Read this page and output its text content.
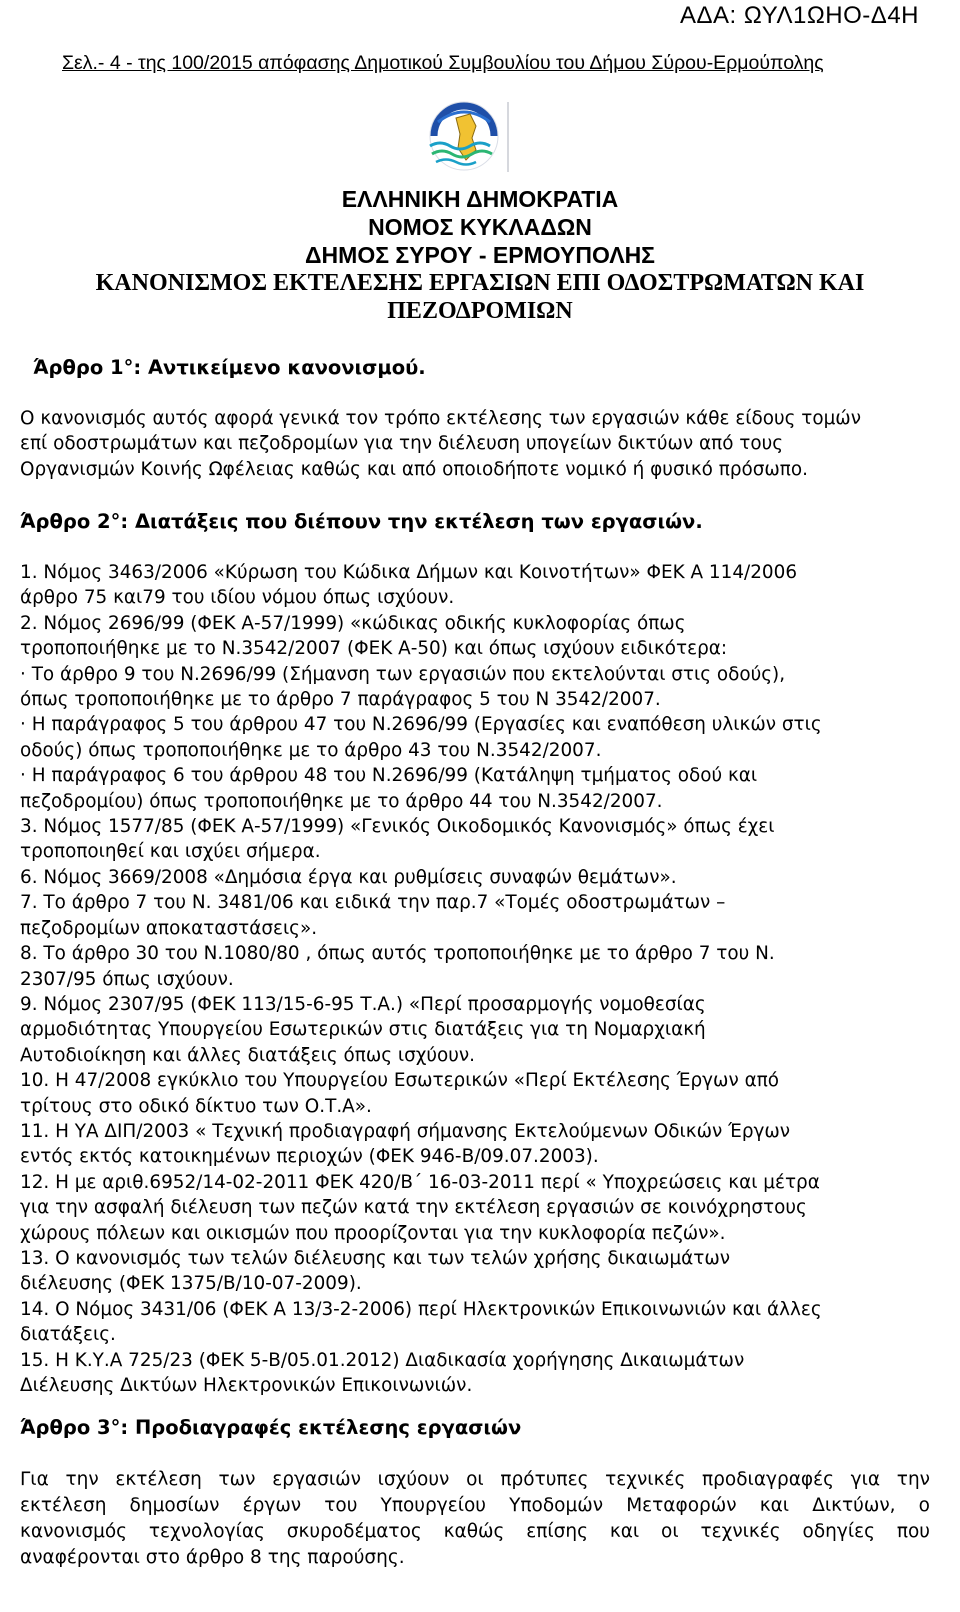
ΑΔΑ: ΩΥΛ1ΩΗΟ-Δ4Η
Σελ.- 4 - της 100/2015 απόφασης Δημοτικού Συμβουλίου του Δήμου Σύρου-Ερμούπολης
ΕΛΛΗΝΙΚΗ ΔΗΜΟΚΡΑΤΙΑ
ΝΟΜΟΣ ΚΥΚΛΑΔΩΝ
ΔΗΜΟΣ ΣΥΡΟΥ - ΕΡΜΟΥΠΟΛΗΣ
ΚΑΝΟΝΙΣΜΟΣ ΕΚΤΕΛΕΣΗΣ ΕΡΓΑΣΙΩΝ ΕΠΙ ΟΔΟΣΤΡΩΜΑΤΩΝ ΚΑΙ
ΠΕΖΟΔΡΟΜΙΩΝ
Άρθρο 1°: Αντικείμενο κανονισμού.
Ο κανονισμός αυτός αφορά γενικά τον τρόπο εκτέλεσης των εργασιών κάθε είδους τομών
επί οδοστρωμάτων και πεζοδρομίων για την διέλευση υπογείων δικτύων από τους
Οργανισμών Κοινής Ωφέλειας καθώς και από οποιοδήποτε νομικό ή φυσικό πρόσωπο.
Άρθρο 2°: Διατάξεις που διέπουν την εκτέλεση των εργασιών.
1. Νόμος 3463/2006 «Κύρωση του Κώδικα Δήμων και Κοινοτήτων» ΦΕΚ Α 114/2006
άρθρο 75 και79 του ιδίου νόμου όπως ισχύουν.
2. Νόμος 2696/99 (ΦΕΚ Α-57/1999) «κώδικας οδικής κυκλοφορίας όπως
τροποποιήθηκε με το Ν.3542/2007 (ΦΕΚ Α-50) και όπως ισχύουν ειδικότερα:
· Το άρθρο 9 του Ν.2696/99 (Σήμανση των εργασιών που εκτελούνται στις οδούς),
όπως τροποποιήθηκε με το άρθρο 7 παράγραφος 5 του Ν 3542/2007.
· Η παράγραφος 5 του άρθρου 47 του Ν.2696/99 (Εργασίες και εναπόθεση υλικών στις
οδούς) όπως τροποποιήθηκε με το άρθρο 43 του Ν.3542/2007.
· Η παράγραφος 6 του άρθρου 48 του Ν.2696/99 (Κατάληψη τμήματος οδού και
πεζοδρομίου) όπως τροποποιήθηκε με το άρθρο 44 του Ν.3542/2007.
3. Νόμος 1577/85 (ΦΕΚ Α-57/1999) «Γενικός Οικοδομικός Κανονισμός» όπως έχει
τροποποιηθεί και ισχύει σήμερα.
6. Νόμος 3669/2008 «Δημόσια έργα και ρυθμίσεις συναφών θεμάτων».
7. Το άρθρο 7 του Ν. 3481/06 και ειδικά την παρ.7 «Τομές οδοστρωμάτων –
πεζοδρομίων αποκαταστάσεις».
8. Το άρθρο 30 του Ν.1080/80 , όπως αυτός τροποποιήθηκε με το άρθρο 7 του Ν.
2307/95 όπως ισχύουν.
9. Νόμος 2307/95 (ΦΕΚ 113/15-6-95 Τ.Α.) «Περί προσαρμογής νομοθεσίας
αρμοδιότητας Υπουργείου Εσωτερικών στις διατάξεις για τη Νομαρχιακή
Αυτοδιοίκηση και άλλες διατάξεις όπως ισχύουν.
10. Η 47/2008 εγκύκλιο του Υπουργείου Εσωτερικών «Περί Εκτέλεσης Έργων από
τρίτους στο οδικό δίκτυο των Ο.Τ.Α».
11. Η ΥΑ ΔΙΠ/2003 « Τεχνική προδιαγραφή σήμανσης Εκτελούμενων Οδικών Έργων
εντός εκτός κατοικημένων περιοχών (ΦΕΚ 946-Β/09.07.2003).
12. Η με αριθ.6952/14-02-2011 ΦΕΚ 420/Β΄ 16-03-2011 περί « Υποχρεώσεις και μέτρα
για την ασφαλή διέλευση των πεζών κατά την εκτέλεση εργασιών σε κοινόχρηστους
χώρους πόλεων και οικισμών που προορίζονται για την κυκλοφορία πεζών».
13. Ο κανονισμός των τελών διέλευσης και των τελών χρήσης δικαιωμάτων
διέλευσης (ΦΕΚ 1375/Β/10-07-2009).
14. Ο Νόμος 3431/06 (ΦΕΚ Α 13/3-2-2006) περί Ηλεκτρονικών Επικοινωνιών και άλλες
διατάξεις.
15. Η Κ.Υ.Α 725/23 (ΦΕΚ 5-Β/05.01.2012) Διαδικασία χορήγησης Δικαιωμάτων
Διέλευσης Δικτύων Ηλεκτρονικών Επικοινωνιών.
Άρθρο 3°: Προδιαγραφές εκτέλεσης εργασιών
Για την εκτέλεση των εργασιών ισχύουν οι πρότυπες τεχνικές προδιαγραφές για την
εκτέλεση δημοσίων έργων του Υπουργείου Υποδομών Μεταφορών και Δικτύων, ο
κανονισμός τεχνολογίας σκυροδέματος καθώς επίσης και οι τεχνικές οδηγίες που
αναφέρονται στο άρθρο 8 της παρούσης.
